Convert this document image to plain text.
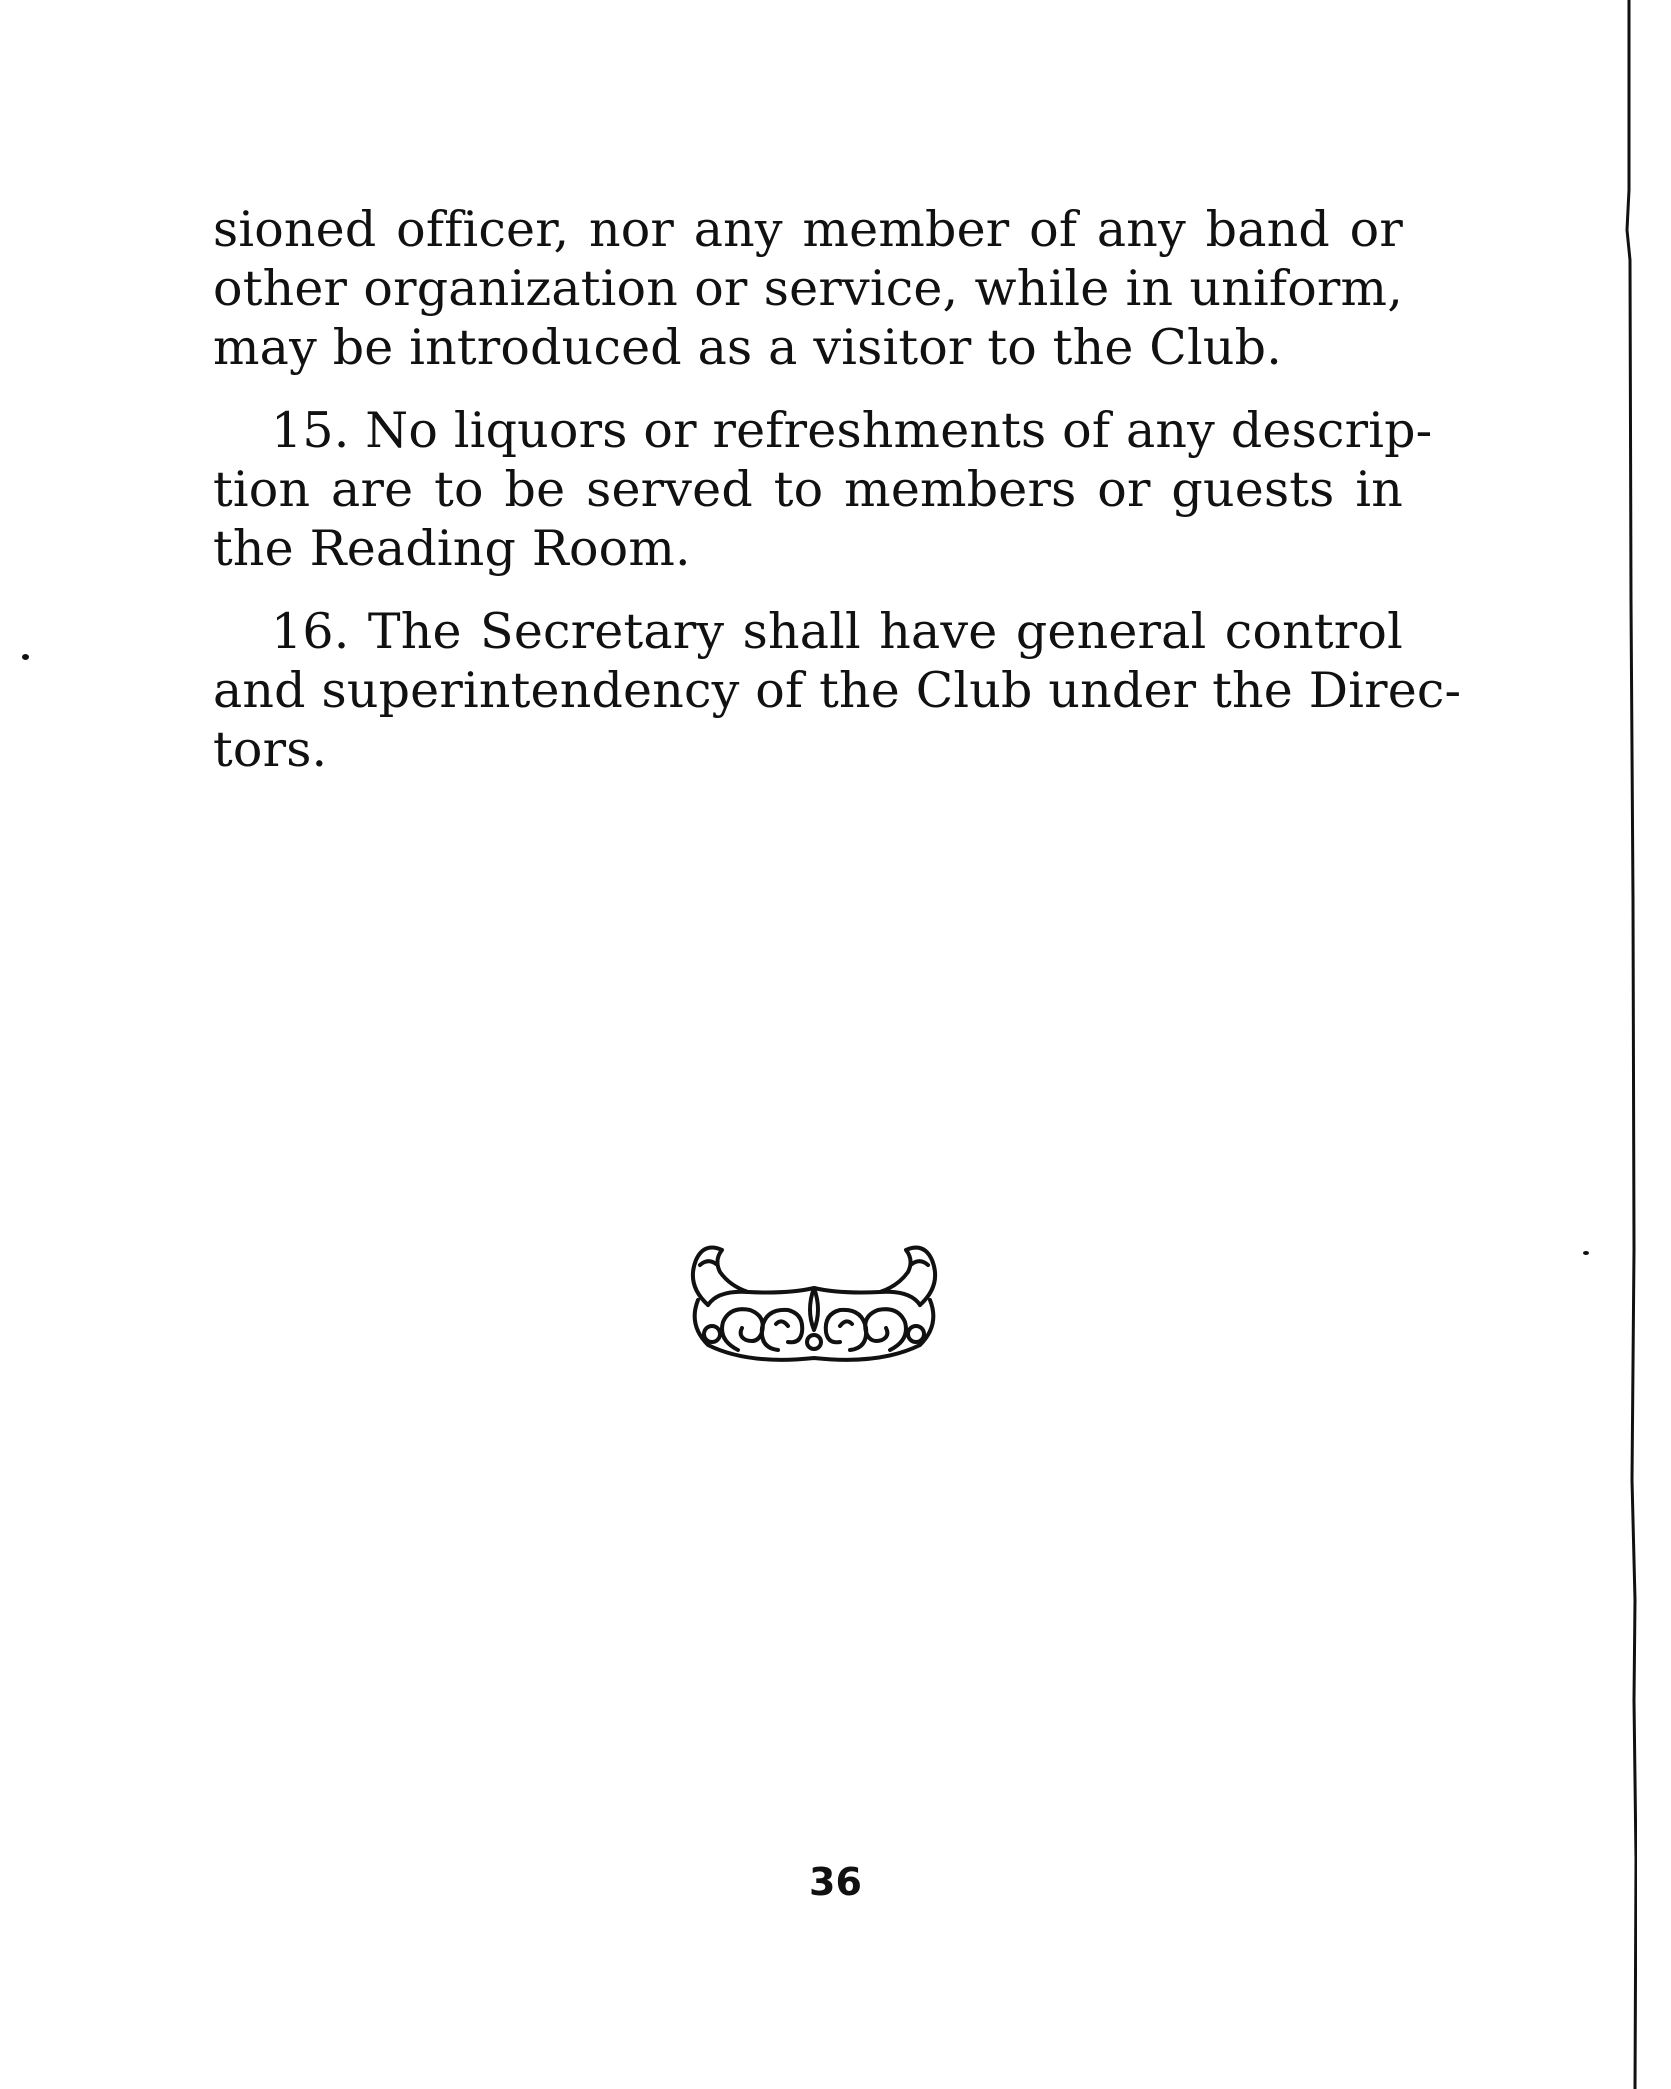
sioned officer, nor any member of any band or
other organization or service, while in uniform,
may be introduced as a visitor to the Club.

15. No liquors or refreshments of any descrip-
tion are to be served to members or guests in
the Reading Room.

16. The Secretary shall have general control
and superintendency of the Club under the Direc-
tors.

36
